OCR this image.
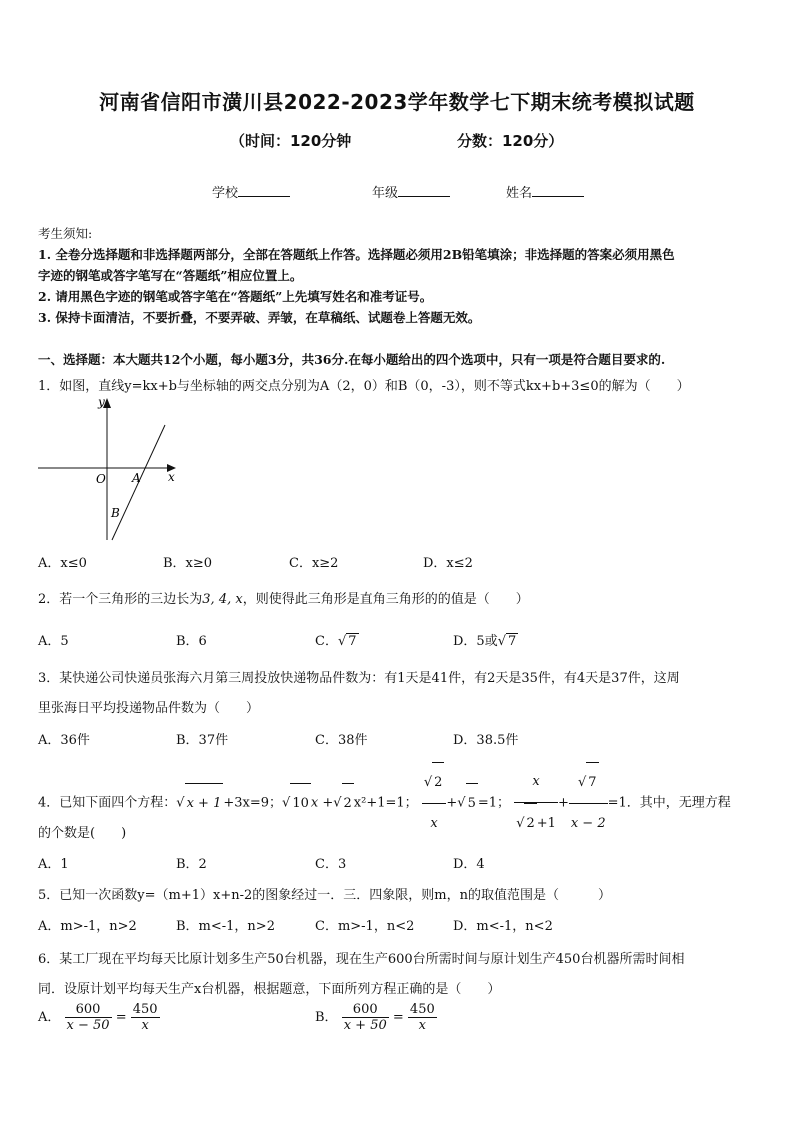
河南省信阳市潢川县2022-2023学年数学七下期末统考模拟试题
（时间：120分钟	分数：120分）
学校	年级	姓名
考生须知:
1. 全卷分选择题和非选择题两部分，全部在答题纸上作答。选择题必须用2B铅笔填涂；非选择题的答案必须用黑色
字迹的钢笔或答字笔写在“答题纸”相应位置上。
2. 请用黑色字迹的钢笔或答字笔在“答题纸”上先填写姓名和准考证号。
3. 保持卡面清洁，不要折叠，不要弄破、弄皱，在草稿纸、试题卷上答题无效。
一、选择题：本大题共12个小题，每小题3分，共36分.在每小题给出的四个选项中，只有一项是符合题目要求的.
1．如图，直线y=kx+b与坐标轴的两交点分别为A（2，0）和B（0，-3），则不等式kx+b+3≤0的解为（　　）
y
x
O A
B
A．x≤0	B．x≥0	C．x≥2	D．x≤2
2．若一个三角形的三边长为3, 4, x，则使得此三角形是直角三角形的的值是（　　）
A．5	B．6	C．√ 7	D．5或√ 7
3．某快递公司快递员张海六月第三周投放快递物品件数为：有1天是41件，有2天是35件，有4天是37件，这周
里张海日平均投递物品件数为（　　）
A．36件	B．37件	C．38件	D．38.5件
4．已知下面四个方程：√ x + 1 +3x=9；√ 10 x +√ 2 x²+1=1； $\frac{√ 2}{x}$ +√ 5 =1； $\frac{x}{√ 2 +1} + \frac{√ 7}{x - 2} =1$．其中，无理方程
的个数是(　　)
A．1	B．2	C．3	D．4
5．已知一次函数y=（m+1）x+n-2的图象经过一．三．四象限，则m，n的取值范围是（　　　）
A．m>-1，n>2	B．m<-1，n>2	C．m>-1，n<2	D．m<-1，n<2
6．某工厂现在平均每天比原计划多生产50台机器，现在生产600台所需时间与原计划生产450台机器所需时间相
同．设原计划平均每天生产x台机器，根据题意，下面所列方程正确的是（　　）
A． $\frac{600}{x - 50} = \frac{450}{x}$	B． $\frac{600}{x + 50} = \frac{450}{x}$
